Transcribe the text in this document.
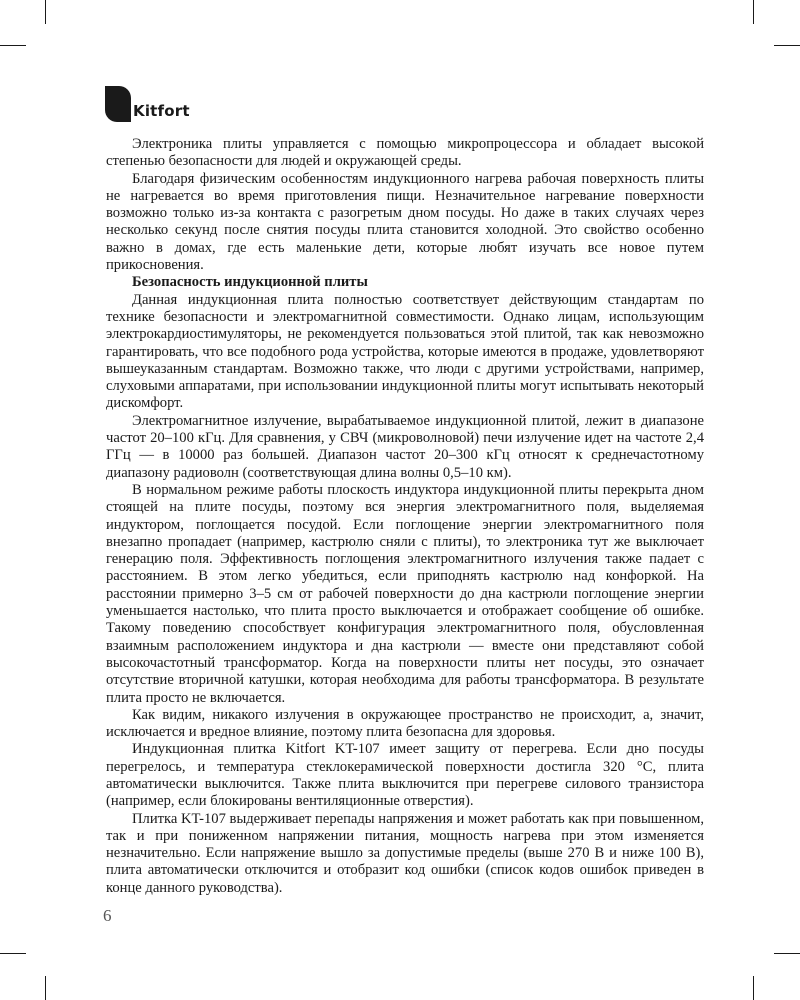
Kitfort

Электроника плиты управляется с помощью микропроцессора и обладает высокой степенью безопасности для людей и окружающей среды.

Благодаря физическим особенностям индукционного нагрева рабочая поверхность плиты не нагревается во время приготовления пищи. Незначительное нагревание поверхности возможно только из-за контакта с разогретым дном посуды. Но даже в таких случаях через несколько секунд после снятия посуды плита становится холодной. Это свойство особенно важно в домах, где есть маленькие дети, которые любят изучать все новое путем прикосновения.

Безопасность индукционной плиты

Данная индукционная плита полностью соответствует действующим стандартам по технике безопасности и электромагнитной совместимости. Однако лицам, использующим электрокардиостимуляторы, не рекомендуется пользоваться этой плитой, так как невозможно гарантировать, что все подобного рода устройства, которые имеются в продаже, удовлетворяют вышеуказанным стандартам. Возможно также, что люди с другими устройствами, например, слуховыми аппаратами, при использовании индукционной плиты могут испытывать некоторый дискомфорт.

Электромагнитное излучение, вырабатываемое индукционной плитой, лежит в диапазоне частот 20–100 кГц. Для сравнения, у СВЧ (микроволновой) печи излучение идет на частоте 2,4 ГГц — в 10000 раз большей. Диапазон частот 20–300 кГц относят к среднечастотному диапазону радиоволн (соответствующая длина волны 0,5–10 км).

В нормальном режиме работы плоскость индуктора индукционной плиты перекрыта дном стоящей на плите посуды, поэтому вся энергия электромагнитного поля, выделяемая индуктором, поглощается посудой. Если поглощение энергии электромагнитного поля внезапно пропадает (например, кастрюлю сняли с плиты), то электроника тут же выключает генерацию поля. Эффективность поглощения электромагнитного излучения также падает с расстоянием. В этом легко убедиться, если приподнять кастрюлю над конфоркой. На расстоянии примерно 3–5 см от рабочей поверхности до дна кастрюли поглощение энергии уменьшается настолько, что плита просто выключается и отображает сообщение об ошибке. Такому поведению способствует конфигурация электромагнитного поля, обусловленная взаимным расположением индуктора и дна кастрюли — вместе они представляют собой высокочастотный трансформатор. Когда на поверхности плиты нет посуды, это означает отсутствие вторичной катушки, которая необходима для работы трансформатора. В результате плита просто не включается.

Как видим, никакого излучения в окружающее пространство не происходит, а, значит, исключается и вредное влияние, поэтому плита безопасна для здоровья.

Индукционная плитка Kitfort KT-107 имеет защиту от перегрева. Если дно посуды перегрелось, и температура стеклокерамической поверхности достигла 320 °С, плита автоматически выключится. Также плита выключится при перегреве силового транзистора (например, если блокированы вентиляционные отверстия).

Плитка KT-107 выдерживает перепады напряжения и может работать как при повышенном, так и при пониженном напряжении питания, мощность нагрева при этом изменяется незначительно. Если напряжение вышло за допустимые пределы (выше 270 В и ниже 100 В), плита автоматически отключится и отобразит код ошибки (список кодов ошибок приведен в конце данного руководства).

6
